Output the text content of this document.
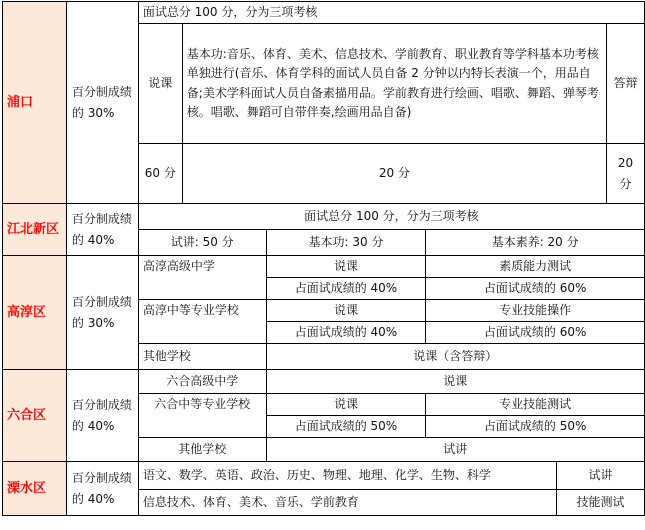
浦口	百分制成绩的 30%	面试总分 100 分，分为三项考核					
		说课	基本功:音乐、体育、美术、信息技术、学前教育、职业教育等学科基本功考核单独进行(音乐、体育学科的面试人员自备 2 分钟以内特长表演一个，用品自备;美术学科面试人员自备素描用品。学前教育进行绘画、唱歌、舞蹈、弹琴考核。唱歌、舞蹈可自带伴奏,绘画用品自备)				答辩
		60 分	20 分				20 分
江北新区	百分制成绩的 40%	面试总分 100 分，分为三项考核					
		试讲: 50 分		基本功: 30 分	基本素养: 20 分		
高淳区	百分制成绩的 30%	高淳高级中学		说课	素质能力测试		
				占面试成绩的 40%	占面试成绩的 60%		
		高淳中等专业学校		说课	专业技能操作		
				占面试成绩的 40%	占面试成绩的 60%		
		其他学校		说课（含答辩）			
六合区	百分制成绩的 40%	六合高级中学		说课			
		六合中等专业学校		说课	专业技能测试		
				占面试成绩的 50%	占面试成绩的 50%		
		其他学校		试讲			
溧水区	百分制成绩的 40%	语文、数学、英语、政治、历史、物理、地理、化学、生物、科学				试讲	
		信息技术、体育、美术、音乐、学前教育				技能测试	
